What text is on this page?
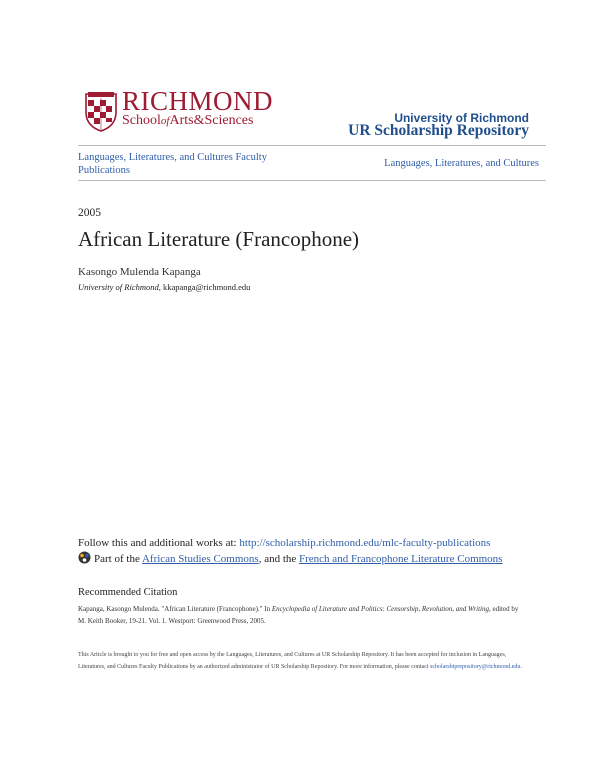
RICHMOND
SchoolofArts&Sciences	University of Richmond
UR Scholarship Repository
Languages, Literatures, and Cultures Faculty Publications
Languages, Literatures, and Cultures
2005
African Literature (Francophone)
Kasongo Mulenda Kapanga
University of Richmond, kkapanga@richmond.edu
Follow this and additional works at: http://scholarship.richmond.edu/mlc-faculty-publications
Part of the African Studies Commons, and the French and Francophone Literature Commons
Recommended Citation
Kapanga, Kasongo Mulenda. "African Literature (Francophone)." In Encyclopedia of Literature and Politics: Censorship, Revolution, and Writing, edited by M. Keith Booker, 19-21. Vol. 1. Westport: Greenwood Press, 2005.
This Article is brought to you for free and open access by the Languages, Literatures, and Cultures at UR Scholarship Repository. It has been accepted for inclusion in Languages, Literatures, and Cultures Faculty Publications by an authorized administrator of UR Scholarship Repository. For more information, please contact scholarshiprepository@richmond.edu.
